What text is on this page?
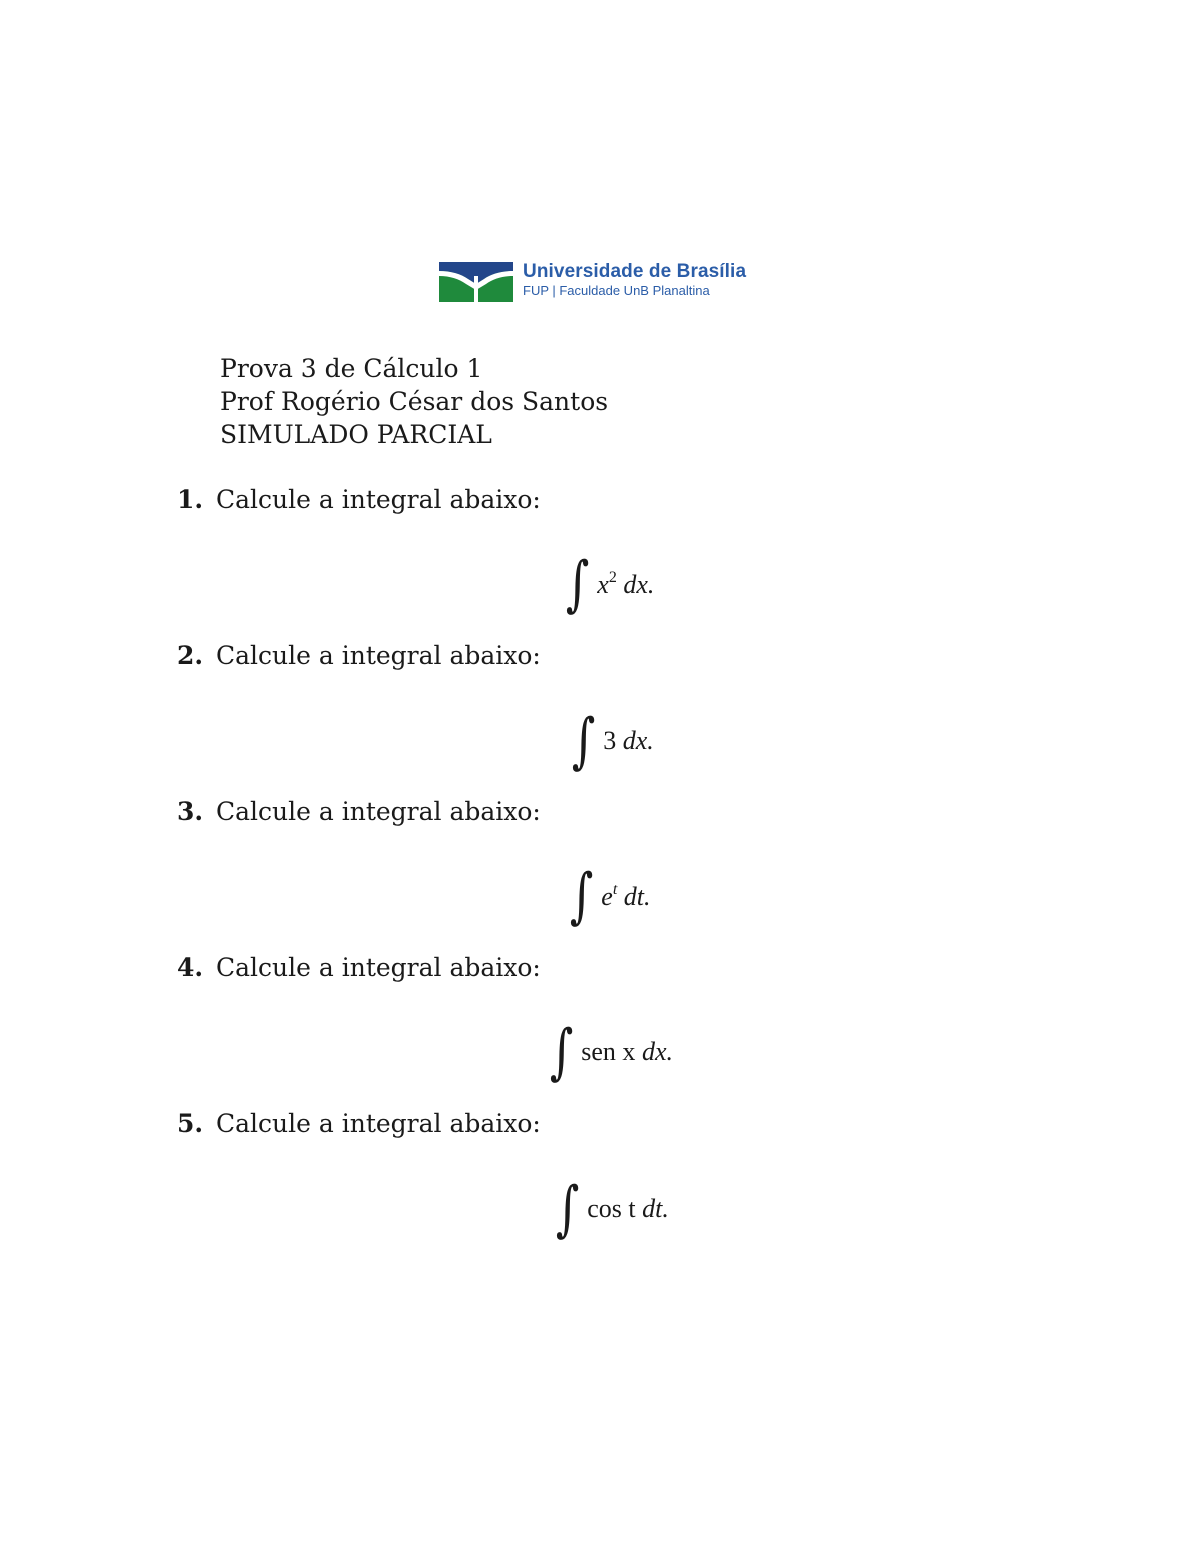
Universidade de Brasília
FUP | Faculdade UnB Planaltina
Prova 3 de Cálculo 1
Prof Rogério César dos Santos
SIMULADO PARCIAL
1. Calcule a integral abaixo:
∫ $x^2$ dx.
2. Calcule a integral abaixo:
∫ 3 dx.
3. Calcule a integral abaixo:
∫ $e^t$ dt.
4. Calcule a integral abaixo:
∫ sen x dx.
5. Calcule a integral abaixo:
∫ cos t dt.
